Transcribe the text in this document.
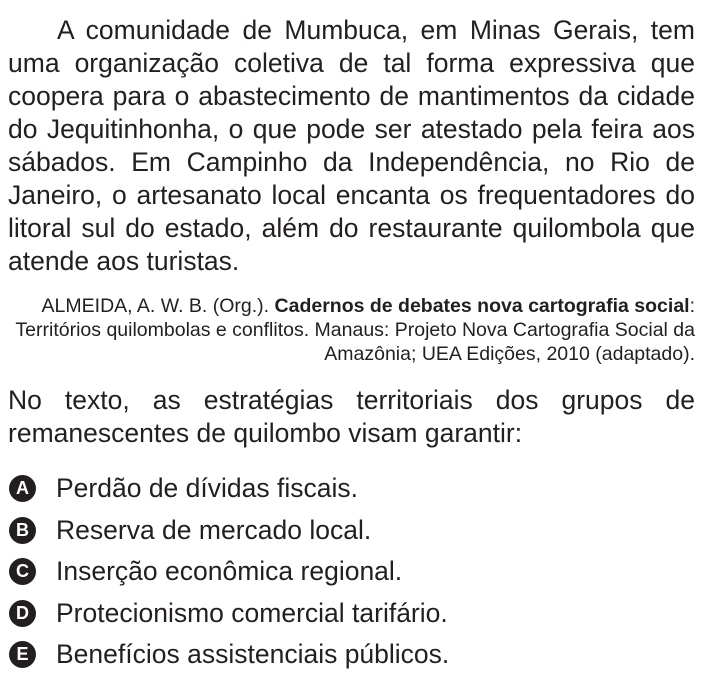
A comunidade de Mumbuca, em Minas Gerais, tem uma organização coletiva de tal forma expressiva que coopera para o abastecimento de mantimentos da cidade do Jequitinhonha, o que pode ser atestado pela feira aos sábados. Em Campinho da Independência, no Rio de Janeiro, o artesanato local encanta os frequentadores do litoral sul do estado, além do restaurante quilombola que atende aos turistas.

ALMEIDA, A. W. B. (Org.). Cadernos de debates nova cartografia social: Territórios quilombolas e conflitos. Manaus: Projeto Nova Cartografia Social da Amazônia; UEA Edições, 2010 (adaptado).

No texto, as estratégias territoriais dos grupos de remanescentes de quilombo visam garantir:

A Perdão de dívidas fiscais.
B Reserva de mercado local.
C Inserção econômica regional.
D Protecionismo comercial tarifário.
E Benefícios assistenciais públicos.
